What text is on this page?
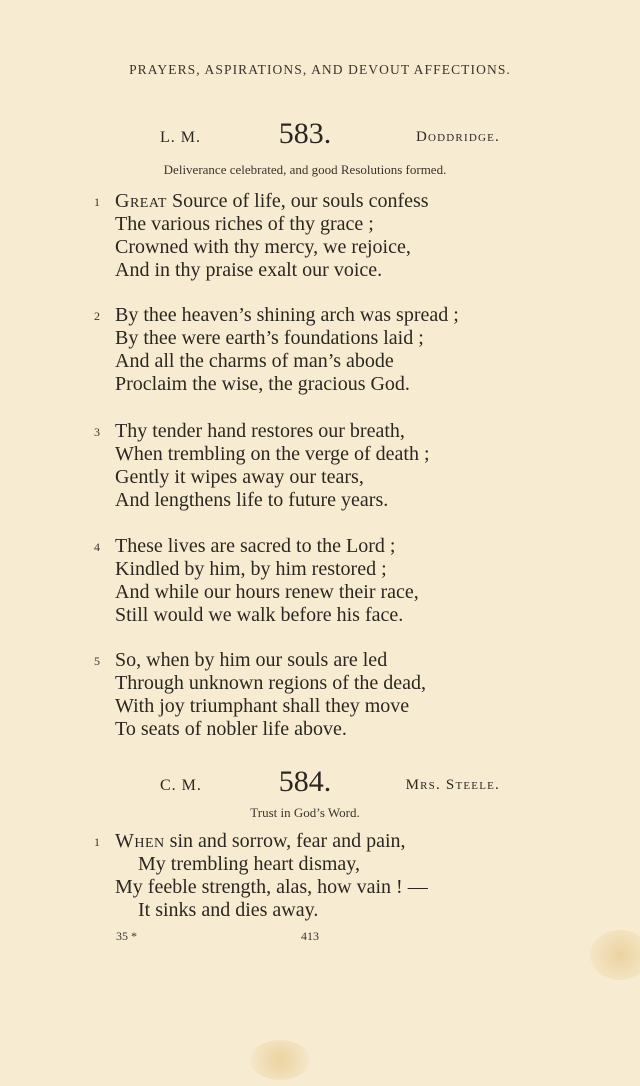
PRAYERS, ASPIRATIONS, AND DEVOUT AFFECTIONS.
L. M.	583.	Doddridge.
Deliverance celebrated, and good Resolutions formed.
1 Great Source of life, our souls confess
The various riches of thy grace ;
Crowned with thy mercy, we rejoice,
And in thy praise exalt our voice.
2 By thee heaven’s shining arch was spread ;
By thee were earth’s foundations laid ;
And all the charms of man’s abode
Proclaim the wise, the gracious God.
3 Thy tender hand restores our breath,
When trembling on the verge of death ;
Gently it wipes away our tears,
And lengthens life to future years.
4 These lives are sacred to the Lord ;
Kindled by him, by him restored ;
And while our hours renew their race,
Still would we walk before his face.
5 So, when by him our souls are led
Through unknown regions of the dead,
With joy triumphant shall they move
To seats of nobler life above.
C. M.	584.	Mrs. Steele.
Trust in God’s Word.
1 When sin and sorrow, fear and pain,
My trembling heart dismay,
My feeble strength, alas, how vain ! —
It sinks and dies away.
35 *	413
